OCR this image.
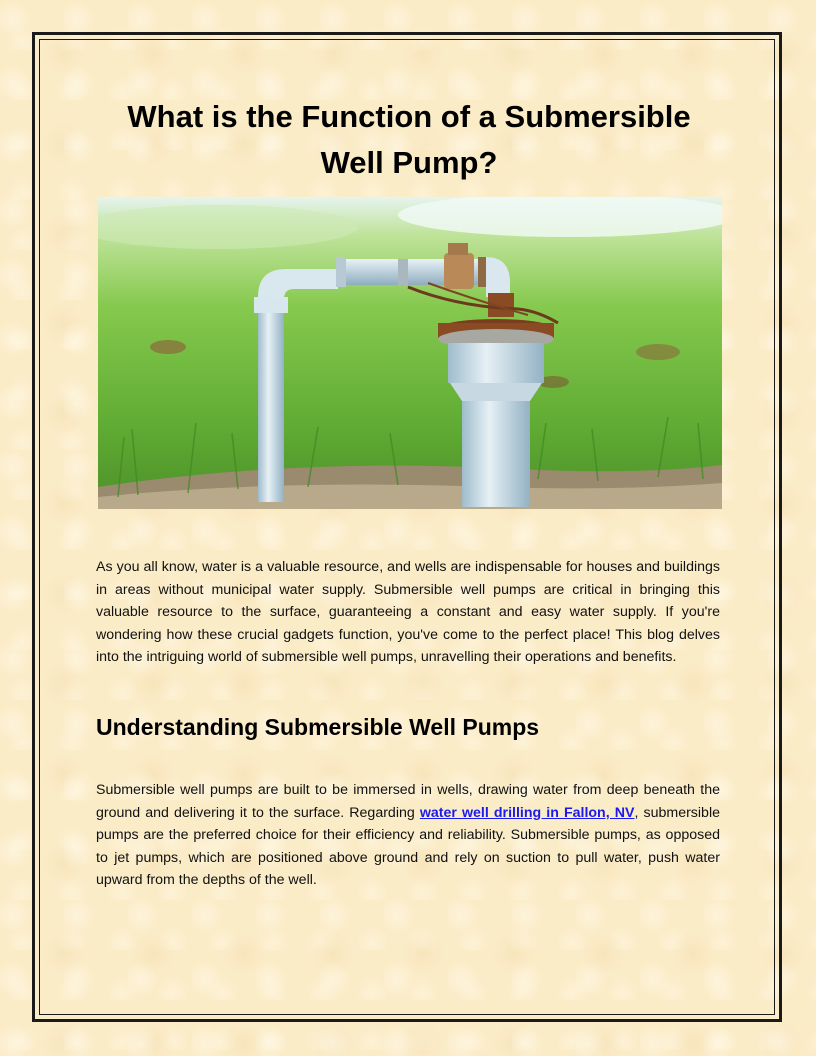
What is the Function of a Submersible Well Pump?

As you all know, water is a valuable resource, and wells are indispensable for houses and buildings in areas without municipal water supply. Submersible well pumps are critical in bringing this valuable resource to the surface, guaranteeing a constant and easy water supply. If you're wondering how these crucial gadgets function, you've come to the perfect place! This blog delves into the intriguing world of submersible well pumps, unravelling their operations and benefits.

Understanding Submersible Well Pumps

Submersible well pumps are built to be immersed in wells, drawing water from deep beneath the ground and delivering it to the surface. Regarding water well drilling in Fallon, NV, submersible pumps are the preferred choice for their efficiency and reliability. Submersible pumps, as opposed to jet pumps, which are positioned above ground and rely on suction to pull water, push water upward from the depths of the well.
